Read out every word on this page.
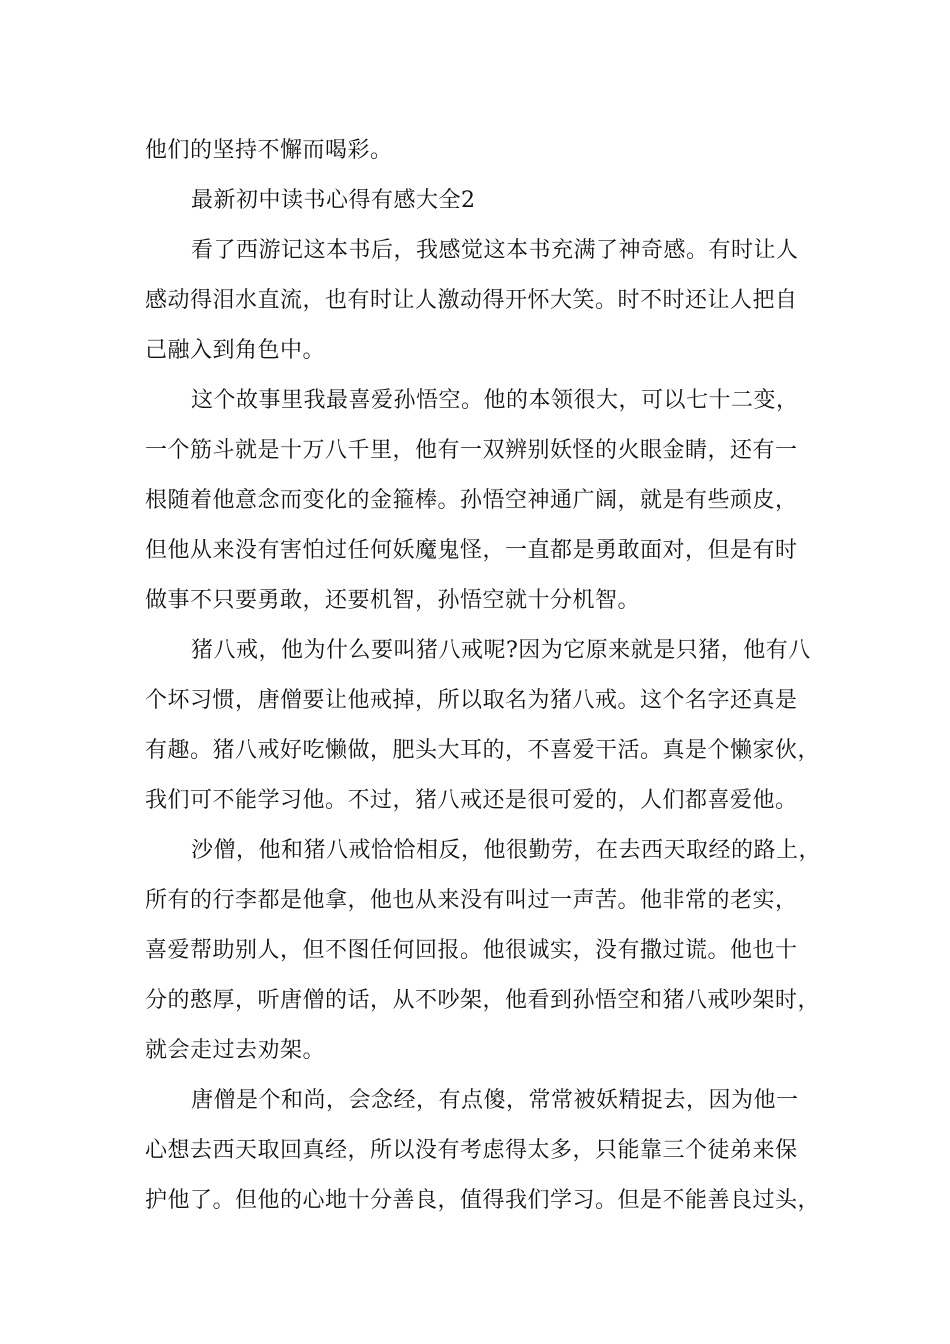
他们的坚持不懈而喝彩。
最新初中读书心得有感大全2
看了西游记这本书后，我感觉这本书充满了神奇感。有时让人
感动得泪水直流，也有时让人激动得开怀大笑。时不时还让人把自
己融入到角色中。
这个故事里我最喜爱孙悟空。他的本领很大，可以七十二变，
一个筋斗就是十万八千里，他有一双辨别妖怪的火眼金睛，还有一
根随着他意念而变化的金箍棒。孙悟空神通广阔，就是有些顽皮，
但他从来没有害怕过任何妖魔鬼怪，一直都是勇敢面对，但是有时
做事不只要勇敢，还要机智，孙悟空就十分机智。
猪八戒，他为什么要叫猪八戒呢?因为它原来就是只猪，他有八
个坏习惯，唐僧要让他戒掉，所以取名为猪八戒。这个名字还真是
有趣。猪八戒好吃懒做，肥头大耳的，不喜爱干活。真是个懒家伙，
我们可不能学习他。不过，猪八戒还是很可爱的，人们都喜爱他。
沙僧，他和猪八戒恰恰相反，他很勤劳，在去西天取经的路上，
所有的行李都是他拿，他也从来没有叫过一声苦。他非常的老实，
喜爱帮助别人，但不图任何回报。他很诚实，没有撒过谎。他也十
分的憨厚，听唐僧的话，从不吵架，他看到孙悟空和猪八戒吵架时，
就会走过去劝架。
唐僧是个和尚，会念经，有点傻，常常被妖精捉去，因为他一
心想去西天取回真经，所以没有考虑得太多，只能靠三个徒弟来保
护他了。但他的心地十分善良，值得我们学习。但是不能善良过头，
